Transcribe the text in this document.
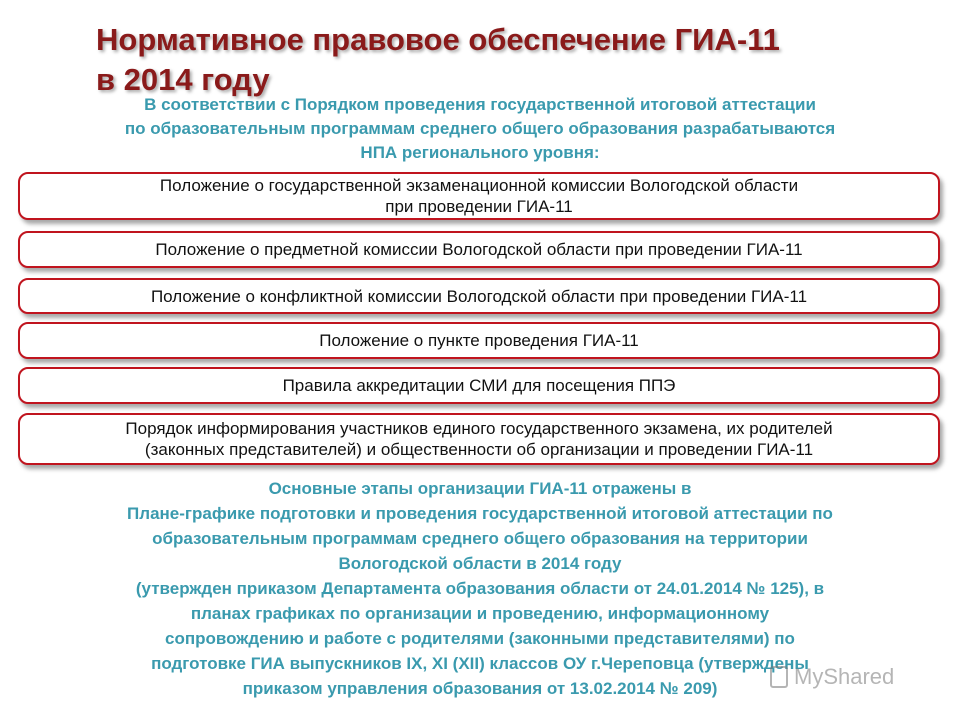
Нормативное правовое обеспечение ГИА-11
в 2014 году
В соответствии с Порядком проведения государственной итоговой аттестации
по образовательным программам среднего общего образования разрабатываются
НПА регионального уровня:
Положение о государственной экзаменационной комиссии Вологодской области
при проведении ГИА-11
Положение о предметной комиссии Вологодской области при проведении ГИА-11
Положение о конфликтной комиссии Вологодской области при проведении ГИА-11
Положение о пункте проведения ГИА-11
Правила аккредитации СМИ для посещения ППЭ
Порядок информирования участников единого государственного экзамена, их родителей
(законных представителей) и общественности об организации и проведении ГИА-11

Основные этапы организации ГИА-11 отражены в

Плане-графике подготовки и проведения государственной итоговой аттестации по

образовательным программам среднего общего образования на территории

Вологодской области в 2014 году

(утвержден приказом Департамента образования области от 24.01.2014 № 125), в

планах графиках по организации и проведению, информационному

сопровождению и работе с родителями (законными представителями) по

подготовке ГИА выпускников IX, XI (XII) классов ОУ г.Череповца (утверждены

приказом управления образования от 13.02.2014 № 209)	MyShared
